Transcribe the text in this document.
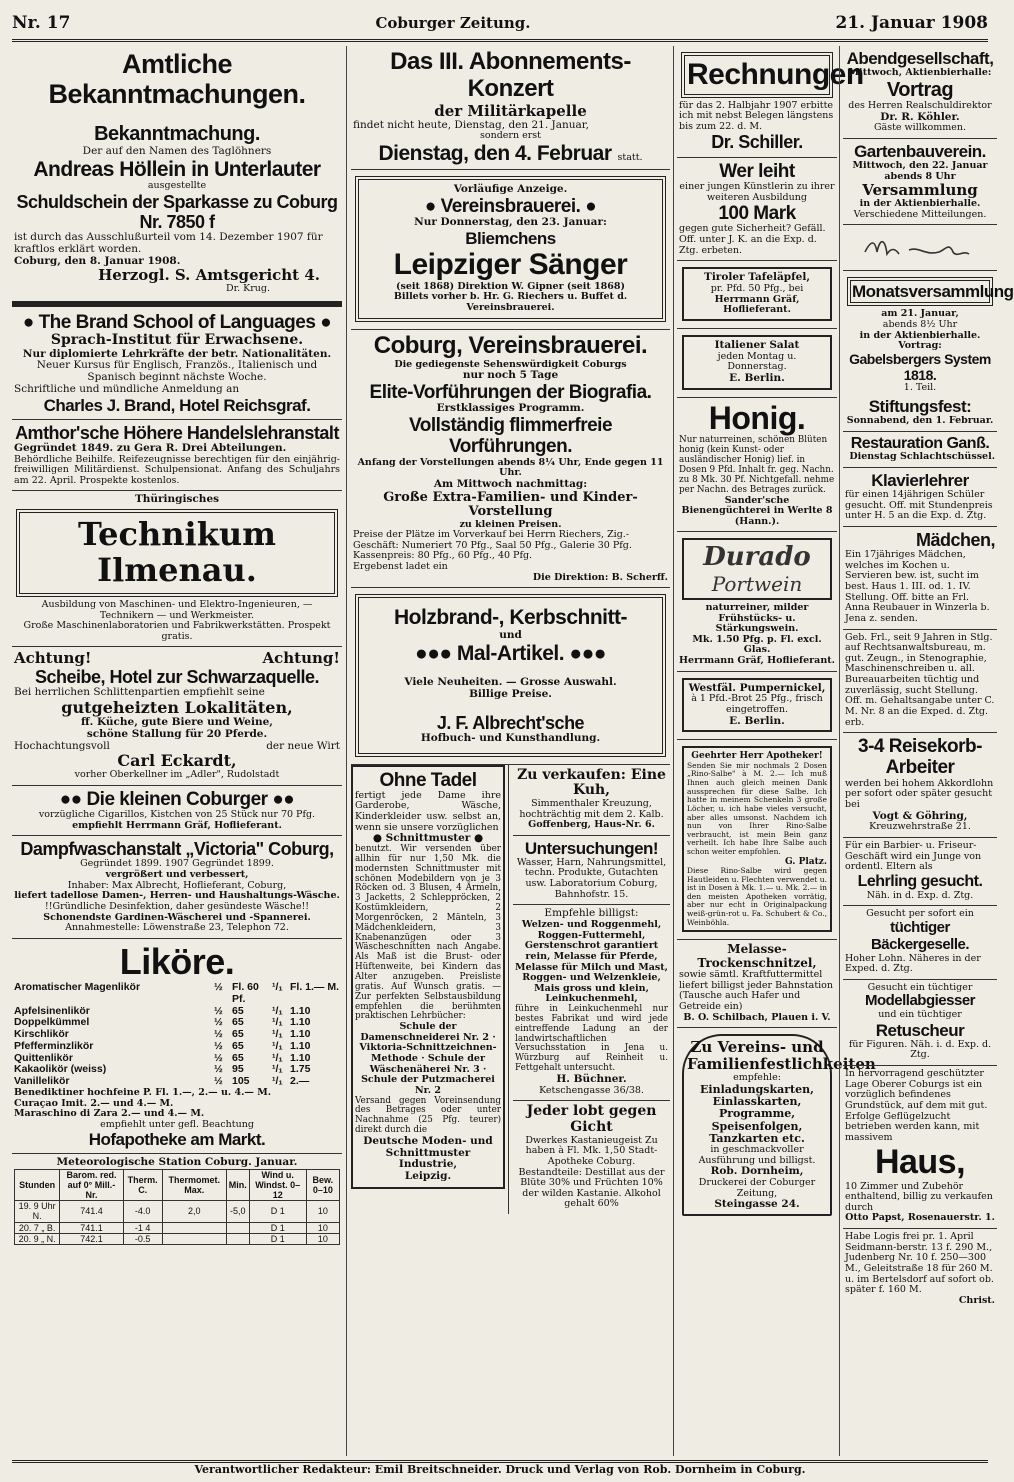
Nr. 17	Coburger Zeitung.	21. Januar 1908
Amtliche Bekanntmachungen.
Bekanntmachung.
Der auf den Namen des Taglöhners
Andreas Höllein in Unterlauter
ausgestellte
Schuldschein der Sparkasse zu Coburg Nr. 7850 f
ist durch das Ausschlußurteil vom 14. Dezember 1907 für kraftlos erklärt worden.
Coburg, den 8. Januar 1908.
Herzogl. S. Amtsgericht 4.
Dr. Krug.
● The Brand School of Languages ●
Sprach-Institut für Erwachsene.
Nur diplomierte Lehrkräfte der betr. Nationalitäten.
Neuer Kursus für Englisch, Französ., Italienisch und Spanisch beginnt nächste Woche.
Schriftliche und mündliche Anmeldung an
Charles J. Brand, Hotel Reichsgraf.
Amthor'sche Höhere Handelslehranstalt
Gegründet 1849. zu Gera R. Drei Abteilungen.
Behördliche Beihilfe. Reifezeugnisse berechtigen für den einjährig-freiwilligen Militärdienst. Schulpensionat. Anfang des Schuljahrs am 22. April. Prospekte kostenlos.
Thüringisches
Technikum Ilmenau.
Ausbildung von Maschinen- und Elektro-Ingenieuren, — Technikern — und Werkmeister.
Große Maschinenlaboratorien und Fabrikwerkstätten. Prospekt gratis.
Achtung!	Achtung!
Scheibe, Hotel zur Schwarzaquelle.
Bei herrlichen Schlittenpartien empfiehlt seine
gutgeheizten Lokalitäten,
ff. Küche, gute Biere und Weine,
schöne Stallung für 20 Pferde.
Hochachtungsvoll	der neue Wirt
Carl Eckardt,
vorher Oberkellner im „Adler", Rudolstadt
●● Die kleinen Coburger ●●
vorzügliche Cigarillos, Kistchen von 25 Stück nur 70 Pfg.
empfiehlt Herrmann Gräf, Hoflieferant.
Dampfwaschanstalt „Victoria" Coburg,
Gegründet 1899. 1907 Gegründet 1899.
vergrößert und verbessert,
Inhaber: Max Albrecht, Hoflieferant, Coburg,
liefert tadellose Damen-, Herren- und Haushaltungs-Wäsche.
!!Gründliche Desinfektion, daher gesündeste Wäsche!!
Schonendste Gardinen-Wäscherei und -Spannerei.
Annahmestelle: Löwenstraße 23, Telephon 72.
Liköre.
Aromatischer Magenlikör	½ Fl. 60 Pf.
¹/₁ Fl. 1.— M.
Apfelsinenlikör	½ 65	¹/₁ 1.10
Doppelkümmel	½ 65	¹/₁ 1.10
Kirschlikör	½ 65	¹/₁ 1.10
Pfefferminzlikör	½ 65	¹/₁ 1.10
Quittenlikör	½ 65	¹/₁ 1.10
Kakaolikör (weiss)	½ 95	¹/₁ 1.75
Vanillelikör	½ 105	¹/₁ 2.—
Benediktiner hochfeine P. Fl. 1.—, 2.— u. 4.— M.
Curaçao Imit. 2.— und 4.— M.
Maraschino di Zara 2.— und 4.— M.
empfiehlt unter gefl. Beachtung
Hofapotheke am Markt.
Meteorologische Station Coburg. Januar.
Stunden	Barom. red. auf 0° Mill.-Nr.	Therm. C.	Thermomet. Max.	Min.	Wind u. Windst. 0–12	Bew. 0–10
19. 9 Uhr N.	741.4	-4.0	2,0	-5,0	D 1	10
20. 7 „ B.	741.1	-1 4			D 1	10
20. 9 „ N.	742.1	-0.5			D 1	10
Das III. Abonnements-Konzert
der Militärkapelle
findet nicht heute, Dienstag, den 21. Januar,
sondern erst
Dienstag, den 4. Februar statt.
Vorläufige Anzeige.
● Vereinsbrauerei. ●
Nur Donnerstag, den 23. Januar:
Bliemchens
Leipziger Sänger
(seit 1868) Direktion W. Gipner (seit 1868)
Billets vorher b. Hr. G. Riechers u. Buffet d. Vereinsbrauerei.
Coburg, Vereinsbrauerei.
Die gediegenste Sehenswürdigkeit Coburgs
nur noch 5 Tage
Elite-Vorführungen der Biografia.
Erstklassiges Programm.
Vollständig flimmerfreie Vorführungen.
Anfang der Vorstellungen abends 8¼ Uhr, Ende gegen 11 Uhr.
Am Mittwoch nachmittag:
Große Extra-Familien- und Kinder-Vorstellung
zu kleinen Preisen.
Preise der Plätze im Vorverkauf bei Herrn Riechers, Zig.-Geschäft: Numeriert 70 Pfg., Saal 50 Pfg., Galerie 30 Pfg. Kassenpreis: 80 Pfg., 60 Pfg., 40 Pfg.
Ergebenst ladet ein
Die Direktion: B. Scherff.
Holzbrand-, Kerbschnitt-
und
●●● Mal-Artikel. ●●●
Viele Neuheiten. — Grosse Auswahl.
Billige Preise.
J. F. Albrecht'sche
Hofbuch- und Kunsthandlung.
Ohne Tadel
fertigt jede Dame ihre Garderobe, Wäsche, Kinderkleider usw. selbst an, wenn sie unsere vorzüglichen
● Schnittmuster ●
benutzt. Wir versenden über allhin für nur 1,50 Mk. die modernsten Schnittmuster mit schönen Modebildern von je 3 Röcken od. 3 Blusen, 4 Ärmeln, 3 Jacketts, 2 Schleppröcken, 2 Kostümkleidern, 2 Morgenröcken, 2 Mänteln, 3 Mädchenkleidern, 3 Knabenanzügen oder 3 Wäscheschnitten nach Angabe. Als Maß ist die Brust- oder Hüftenweite, bei Kindern das Alter anzugeben. Preisliste gratis. Auf Wunsch gratis. — Zur perfekten Selbstausbildung empfehlen die berühmten praktischen Lehrbücher:
Schule der Damenschneiderei Nr. 2 · Viktoria-Schnittzeichnen-Methode · Schule der Wäschenäherei Nr. 3 · Schule der Putzmacherei Nr. 2
Versand gegen Voreinsendung des Betrages oder unter Nachnahme (25 Pfg. teurer) direkt durch die
Deutsche Moden- und Schnittmuster Industrie,
Leipzig.
Zu verkaufen: Eine Kuh,
Simmenthaler Kreuzung, hochträchtig mit dem 2. Kalb.
Goffenberg, Haus-Nr. 6.
Untersuchungen!
Wasser, Harn, Nahrungsmittel, techn. Produkte, Gutachten usw. Laboratorium Coburg, Bahnhofstr. 15.
Empfehle billigst:
Welzen- und Roggenmehl, Roggen-Futtermehl, Gerstenschrot garantiert rein, Melasse für Pferde, Melasse für Milch und Mast, Roggen- und Welzenkleie, Mais gross und klein, Leinkuchenmehl,
führe in Leinkuchenmehl nur bestes Fabrikat und wird jede eintreffende Ladung an der landwirtschaftlichen Versuchsstation in Jena u. Würzburg auf Reinheit u. Fettgehalt untersucht.
H. Büchner.
Ketschengasse 36/38.
Jeder lobt gegen Gicht
Dwerkes Kastanieugeist Zu haben à Fl. Mk. 1,50 Stadt-Apotheke Coburg. Bestandteile: Destillat aus der Blüte 30% und Früchten 10% der wilden Kastanie. Alkohol gehalt 60%
Rechnungen
für das 2. Halbjahr 1907 erbitte ich mit nebst Belegen längstens bis zum 22. d. M.
Dr. Schiller.
Wer leiht
einer jungen Künstlerin zu ihrer weiteren Ausbildung
100 Mark
gegen gute Sicherheit? Gefäll. Off. unter J. K. an die Exp. d. Ztg. erbeten.
Tiroler Tafeläpfel,
pr. Pfd. 50 Pfg., bei
Herrmann Gräf, Hoflieferant.
Italiener Salat
jeden Montag u. Donnerstag.
E. Berlin.
Honig.
Nur naturreinen, schönen Blüten honig (kein Kunst- oder ausländischer Honig) lief. in Dosen 9 Pfd. Inhalt fr. geg. Nachn. zu 8 Mk. 30 Pf. Nichtgefall. nehme per Nachn. des Betrages zurück.
Sander'sche Bienengüchterei in Werlte 8 (Hann.).
Durado
Portwein
naturreiner, milder Frühstücks- u. Stärkungswein.
Mk. 1.50 Pfg. p. Fl. excl. Glas.
Herrmann Gräf, Hoflieferant.
Westfäl. Pumpernickel,
à 1 Pfd.-Brot 25 Pfg., frisch eingetroffen.
E. Berlin.
Geehrter Herr Apotheker!
Senden Sie mir nochmals 2 Dosen „Rino-Salbe" à M. 2.— Ich muß Ihnen auch gleich meinen Dank aussprechen für diese Salbe. Ich hatte in meinem Schenkeln 3 große Löcher, u. ich habe vieles versucht, aber alles umsonst. Nachdem ich nun von Ihrer Rino-Salbe verbraucht, ist mein Bein ganz verheilt. Ich habe Ihre Salbe auch schon weiter empfohlen.
G. Platz.
Diese Rino-Salbe wird gegen Hautleiden u. Flechten verwendet u. ist in Dosen à Mk. 1.— u. Mk. 2.— in den meisten Apotheken vorrätig, aber nur echt in Originalpackung weiß-grün-rot u. Fa. Schubert & Co., Weinböhla.
Melasse-Trockenschnitzel,
sowie sämtl. Kraftfuttermittel liefert billigst jeder Bahnstation (Tausche auch Hafer und Getreide ein)
B. O. Schilbach, Plauen i. V.
Zu Vereins- und Familienfestlichkeiten
empfehle:
Einladungskarten,
Einlasskarten,
Programme,
Speisenfolgen,
Tanzkarten etc.
in geschmackvoller Ausführung und billigst.
Rob. Dornheim,
Druckerei der Coburger Zeitung,
Steingasse 24.
Abendgesellschaft,
Mittwoch, Aktienbierhalle:
Vortrag
des Herren Realschuldirektor
Dr. R. Köhler.
Gäste willkommen.
Gartenbauverein.
Mittwoch, den 22. Januar abends 8 Uhr
Versammlung
in der Aktienbierhalle.
Verschiedene Mitteilungen.
Monatsversammlung
am 21. Januar,
abends 8½ Uhr
in der Aktienbierhalle.
Vortrag:
Gabelsbergers System 1818.
1. Teil.
Stiftungsfest:
Sonnabend, den 1. Februar.
Restauration Ganß.
Dienstag Schlachtschüssel.
Klavierlehrer
für einen 14jährigen Schüler gesucht. Off. mit Stundenpreis unter H. 5 an die Exp. d. Ztg.
Mädchen,
Ein 17jähriges Mädchen, welches im Kochen u. Servieren bew. ist, sucht im best. Haus 1. III. od. 1. IV. Stellung. Off. bitte an Frl. Anna Reubauer in Winzerla b. Jena z. senden.
Geb. Frl., seit 9 Jahren in Stlg. auf Rechtsanwaltsbureau, m. gut. Zeugn., in Stenographie, Maschinenschreiben u. all. Bureauarbeiten tüchtig und zuverlässig, sucht Stellung. Off. m. Gehaltsangabe unter C. M. Nr. 8 an die Exped. d. Ztg. erb.
3-4 Reisekorb-Arbeiter
werden bei hohem Akkordlohn per sofort oder später gesucht bei
Vogt & Göhring,
Kreuzwehrstraße 21.
Für ein Barbier- u. Friseur-Geschäft wird ein Junge von ordentl. Eltern als
Lehrling gesucht.
Näh. in d. Exp. d. Ztg.
Gesucht per sofort ein
tüchtiger Bäckergeselle.
Hoher Lohn. Näheres in der Exped. d. Ztg.
Gesucht ein tüchtiger
Modellabgiesser
und ein tüchtiger
Retuscheur
für Figuren. Näh. i. d. Exp. d. Ztg.
In hervorragend geschützter Lage Oberer Coburgs ist ein vorzüglich befindenes Grundstück, auf dem mit gut. Erfolge Geflügelzucht betrieben werden kann, mit massivem
Haus,
10 Zimmer und Zubehör enthaltend, billig zu verkaufen durch
Otto Papst, Rosenauerstr. 1.
Habe Logis frei pr. 1. April Seidmann-berstr. 13 f. 290 M., Judenberg Nr. 10 f. 250—300 M., Geleitstraße 18 für 260 M. u. im Bertelsdorf auf sofort ob. später f. 160 M.
Christ.
Verantwortlicher Redakteur: Emil Breitschneider. Druck und Verlag von Rob. Dornheim in Coburg.
